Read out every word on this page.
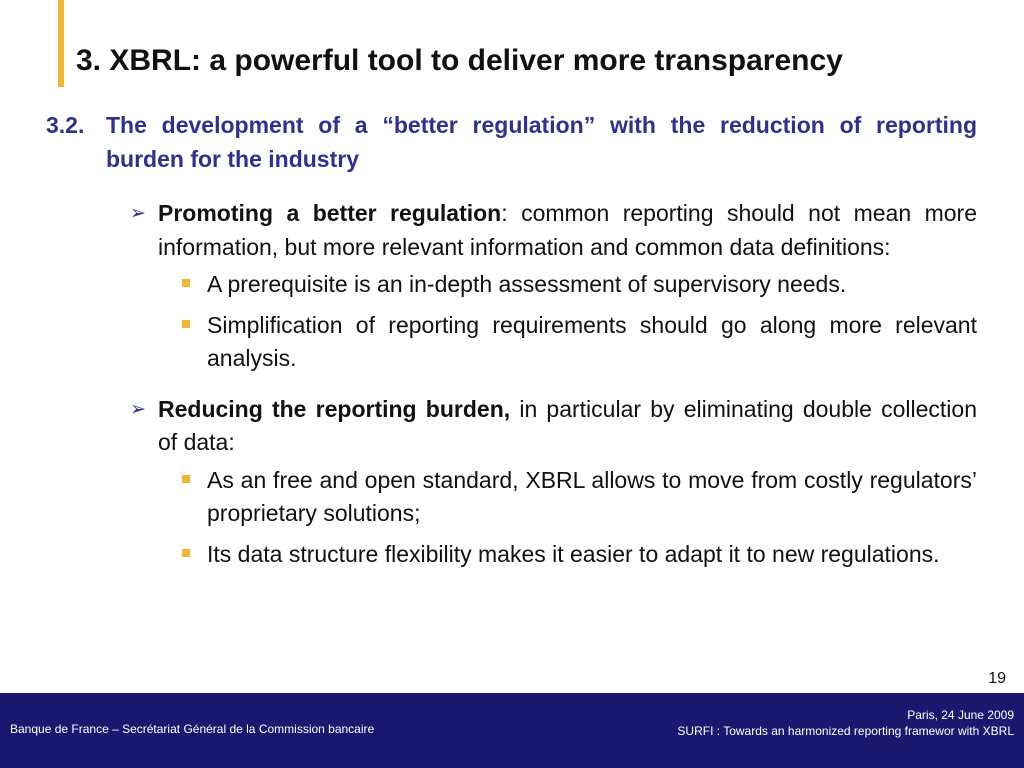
3. XBRL: a powerful tool to deliver more transparency
3.2. The development of a “better regulation” with the reduction of reporting burden for the industry
➢ Promoting a better regulation: common reporting should not mean more information, but more relevant information and common data definitions:
A prerequisite is an in-depth assessment of supervisory needs.
Simplification of reporting requirements should go along more relevant analysis.
➢ Reducing the reporting burden, in particular by eliminating double collection of data:
As an free and open standard, XBRL allows to move from costly regulators’ proprietary solutions;
Its data structure flexibility makes it easier to adapt it to new regulations.
19
Banque de France – Secrétariat Général de la Commission bancaire
Paris, 24 June 2009
SURFI : Towards an harmonized reporting framewor with XBRL
